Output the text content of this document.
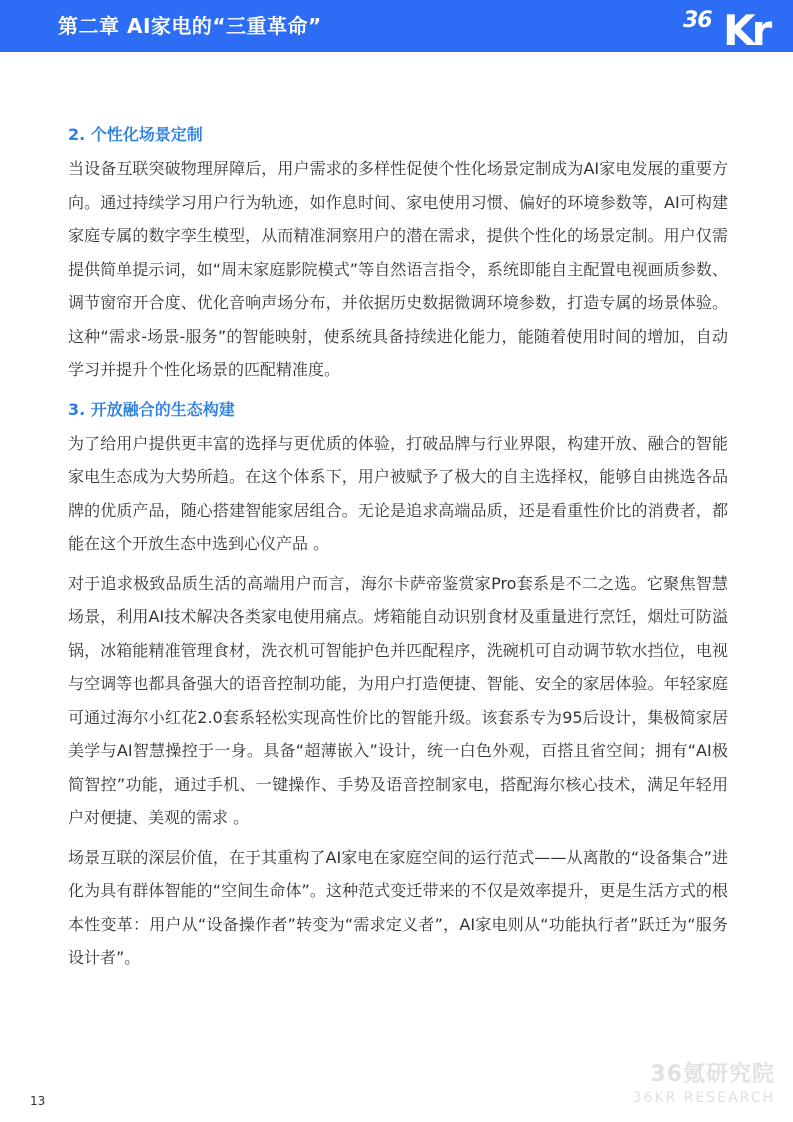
第二章 AI家电的“三重革命”	36 Kr
2. 个性化场景定制

当设备互联突破物理屏障后，用户需求的多样性促使个性化场景定制成为AI家电发展的重要方向。通过持续学习用户行为轨迹，如作息时间、家电使用习惯、偏好的环境参数等，AI可构建家庭专属的数字孪生模型，从而精准洞察用户的潜在需求，提供个性化的场景定制。用户仅需提供简单提示词，如“周末家庭影院模式”等自然语言指令，系统即能自主配置电视画质参数、调节窗帘开合度、优化音响声场分布，并依据历史数据微调环境参数，打造专属的场景体验。这种“需求-场景-服务”的智能映射，使系统具备持续进化能力，能随着使用时间的增加，自动学习并提升个性化场景的匹配精准度。

3. 开放融合的生态构建

为了给用户提供更丰富的选择与更优质的体验，打破品牌与行业界限，构建开放、融合的智能家电生态成为大势所趋。在这个体系下，用户被赋予了极大的自主选择权，能够自由挑选各品牌的优质产品，随心搭建智能家居组合。无论是追求高端品质，还是看重性价比的消费者，都能在这个开放生态中选到心仪产品 。

对于追求极致品质生活的高端用户而言，海尔卡萨帝鉴赏家Pro套系是不二之选。它聚焦智慧场景，利用AI技术解决各类家电使用痛点。烤箱能自动识别食材及重量进行烹饪，烟灶可防溢锅，冰箱能精准管理食材，洗衣机可智能护色并匹配程序，洗碗机可自动调节软水挡位，电视与空调等也都具备强大的语音控制功能，为用户打造便捷、智能、安全的家居体验。年轻家庭可通过海尔小红花2.0套系轻松实现高性价比的智能升级。该套系专为95后设计，集极简家居美学与AI智慧操控于一身。具备“超薄嵌入”设计，统一白色外观，百搭且省空间；拥有“AI极简智控”功能，通过手机、一键操作、手势及语音控制家电，搭配海尔核心技术，满足年轻用户对便捷、美观的需求 。

场景互联的深层价值，在于其重构了AI家电在家庭空间的运行范式——从离散的“设备集合”进化为具有群体智能的“空间生命体”。这种范式变迁带来的不仅是效率提升，更是生活方式的根本性变革：用户从“设备操作者”转变为“需求定义者”，AI家电则从“功能执行者”跃迁为“服务设计者”。

36氪研究院
36KR RESEARCH
13
